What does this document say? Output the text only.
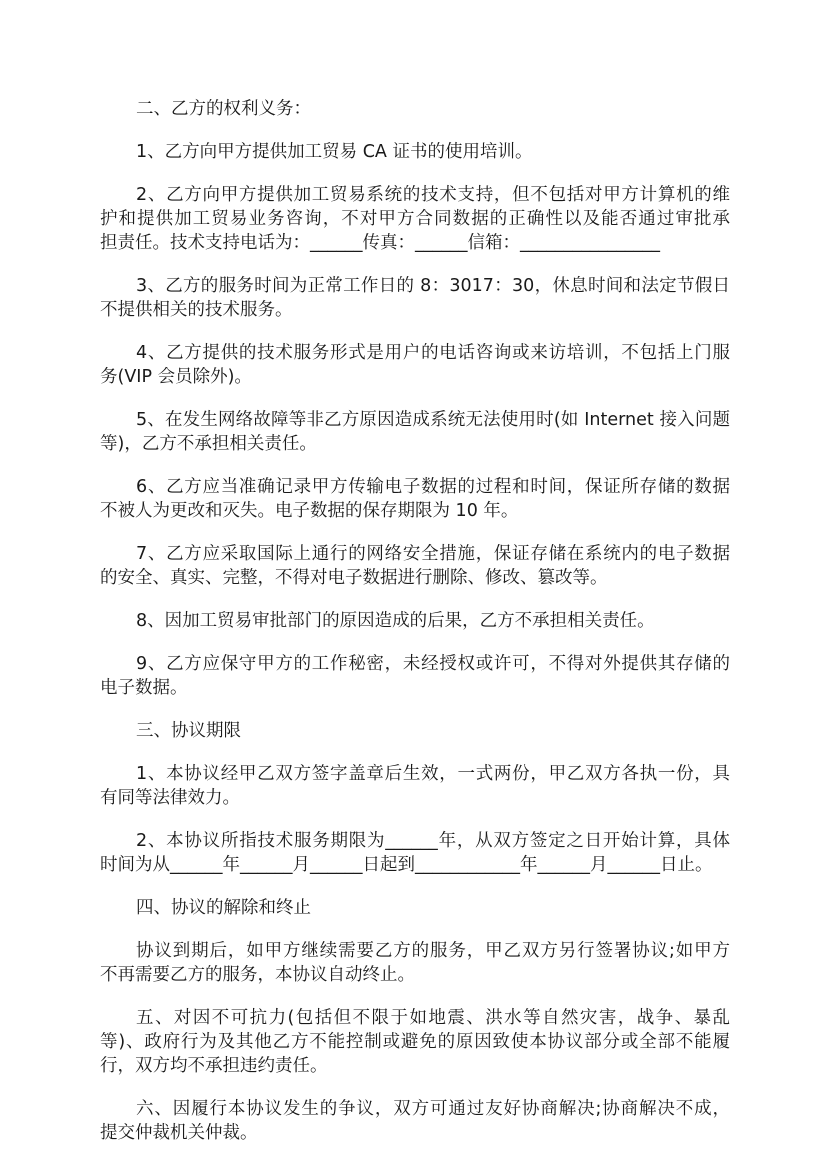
二、乙方的权利义务：
1、乙方向甲方提供加工贸易 CA 证书的使用培训。
2、乙方向甲方提供加工贸易系统的技术支持，但不包括对甲方计算机的维
护和提供加工贸易业务咨询，不对甲方合同数据的正确性以及能否通过审批承
担责任。技术支持电话为：______传真：______信箱：________________
3、乙方的服务时间为正常工作日的 8：3017：30，休息时间和法定节假日
不提供相关的技术服务。
4、乙方提供的技术服务形式是用户的电话咨询或来访培训，不包括上门服
务(VIP 会员除外)。
5、在发生网络故障等非乙方原因造成系统无法使用时(如 Internet 接入问题
等)，乙方不承担相关责任。
6、乙方应当准确记录甲方传输电子数据的过程和时间，保证所存储的数据
不被人为更改和灭失。电子数据的保存期限为 10 年。
7、乙方应采取国际上通行的网络安全措施，保证存储在系统内的电子数据
的安全、真实、完整，不得对电子数据进行删除、修改、篡改等。
8、因加工贸易审批部门的原因造成的后果，乙方不承担相关责任。
9、乙方应保守甲方的工作秘密，未经授权或许可，不得对外提供其存储的
电子数据。
三、协议期限
1、本协议经甲乙双方签字盖章后生效，一式两份，甲乙双方各执一份，具
有同等法律效力。
2、本协议所指技术服务期限为______年，从双方签定之日开始计算，具体
时间为从______年______月______日起到____________年______月______日止。
四、协议的解除和终止
协议到期后，如甲方继续需要乙方的服务，甲乙双方另行签署协议;如甲方
不再需要乙方的服务，本协议自动终止。
五、对因不可抗力(包括但不限于如地震、洪水等自然灾害，战争、暴乱
等)、政府行为及其他乙方不能控制或避免的原因致使本协议部分或全部不能履
行，双方均不承担违约责任。
六、因履行本协议发生的争议，双方可通过友好协商解决;协商解决不成，
提交仲裁机关仲裁。
